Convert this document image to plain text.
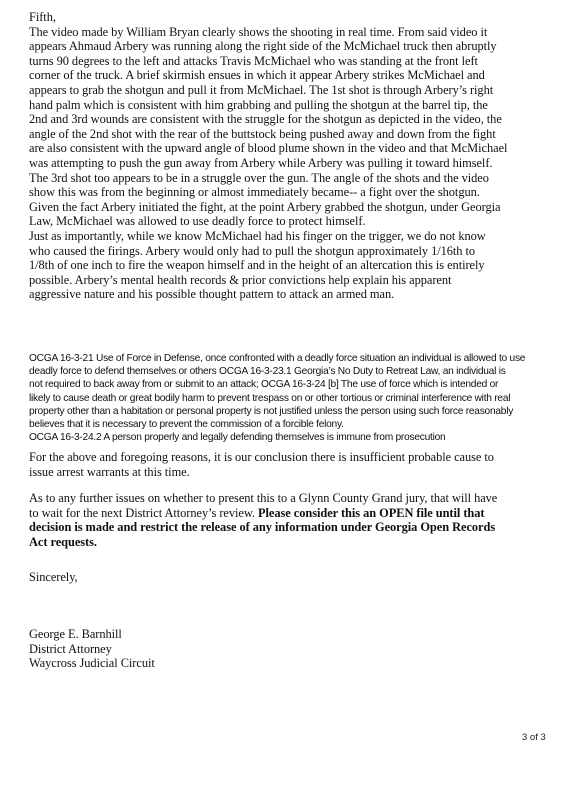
Fifth,
The video made by William Bryan clearly shows the shooting in real time. From said video it
appears Ahmaud Arbery was running along the right side of the McMichael truck then abruptly
turns 90 degrees to the left and attacks Travis McMichael who was standing at the front left
corner of the truck. A brief skirmish ensues in which it appear Arbery strikes McMichael and
appears to grab the shotgun and pull it from McMichael. The 1st shot is through Arbery’s right
hand palm which is consistent with him grabbing and pulling the shotgun at the barrel tip, the
2nd and 3rd wounds are consistent with the struggle for the shotgun as depicted in the video, the
angle of the 2nd shot with the rear of the buttstock being pushed away and down from the fight
are also consistent with the upward angle of blood plume shown in the video and that McMichael
was attempting to push the gun away from Arbery while Arbery was pulling it toward himself.
The 3rd shot too appears to be in a struggle over the gun. The angle of the shots and the video
show this was from the beginning or almost immediately became-- a fight over the shotgun.
Given the fact Arbery initiated the fight, at the point Arbery grabbed the shotgun, under Georgia
Law, McMichael was allowed to use deadly force to protect himself.
Just as importantly, while we know McMichael had his finger on the trigger, we do not know
who caused the firings. Arbery would only had to pull the shotgun approximately 1/16th to
1/8th of one inch to fire the weapon himself and in the height of an altercation this is entirely
possible. Arbery’s mental health records & prior convictions help explain his apparent
aggressive nature and his possible thought pattern to attack an armed man.
OCGA 16-3-21 Use of Force in Defense, once confronted with a deadly force situation an individual is allowed to use
deadly force to defend themselves or others OCGA 16-3-23.1 Georgia’s No Duty to Retreat Law, an individual is
not required to back away from or submit to an attack; OCGA 16-3-24 [b] The use of force which is intended or
likely to cause death or great bodily harm to prevent trespass on or other tortious or criminal interference with real
property other than a habitation or personal property is not justified unless the person using such force reasonably
believes that it is necessary to prevent the commission of a forcible felony.
OCGA 16-3-24.2 A person properly and legally defending themselves is immune from prosecution
For the above and foregoing reasons, it is our conclusion there is insufficient probable cause to
issue arrest warrants at this time.
As to any further issues on whether to present this to a Glynn County Grand jury, that will have
to wait for the next District Attorney’s review. Please consider this an OPEN file until that
decision is made and restrict the release of any information under Georgia Open Records
Act requests.
Sincerely,
George E. Barnhill
District Attorney
Waycross Judicial Circuit
3 of 3
